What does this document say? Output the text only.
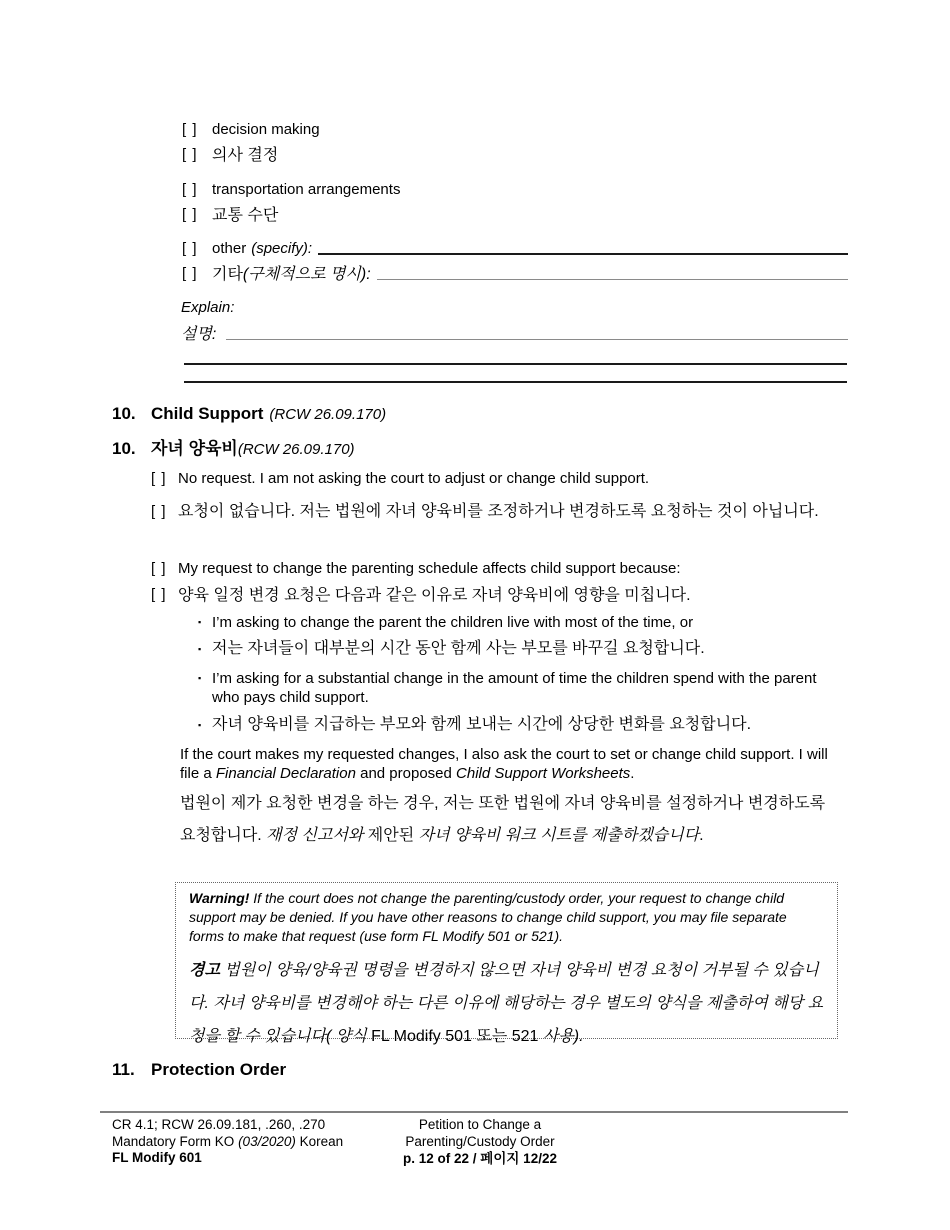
[ ] decision making
[ ] 의사 결정
[ ] transportation arrangements
[ ] 교통 수단
[ ] other (specify):
[ ] 기타 (구체적으로 명시):
Explain:
설명:
10. Child Support (RCW 26.09.170)
10. 자녀 양육비(RCW 26.09.170)
[ ] No request. I am not asking the court to adjust or change child support.
[ ] 요청이 없습니다. 저는 법원에 자녀 양육비를 조정하거나 변경하도록 요청하는 것이 아닙니다.
[ ] My request to change the parenting schedule affects child support because:
[ ] 양육 일정 변경 요청은 다음과 같은 이유로 자녀 양육비에 영향을 미칩니다.
▪ I’m asking to change the parent the children live with most of the time, or
▪ 저는 자녀들이 대부분의 시간 동안 함께 사는 부모를 바꾸길 요청합니다.
▪ I’m asking for a substantial change in the amount of time the children spend with the parent who pays child support.
▪ 자녀 양육비를 지급하는 부모와 함께 보내는 시간에 상당한 변화를 요청합니다.
If the court makes my requested changes, I also ask the court to set or change child support. I will file a Financial Declaration and proposed Child Support Worksheets.
법원이 제가 요청한 변경을 하는 경우, 저는 또한 법원에 자녀 양육비를 설정하거나 변경하도록 요청합니다. 재정 신고서와 제안된 자녀 양육비 워크 시트를 제출하겠습니다.
Warning! If the court does not change the parenting/custody order, your request to change child support may be denied. If you have other reasons to change child support, you may file separate forms to make that request (use form FL Modify 501 or 521).
경고 법원이 양육/양육권 명령을 변경하지 않으면 자녀 양육비 변경 요청이 거부될 수 있습니다. 자녀 양육비를 변경해야 하는 다른 이유에 해당하는 경우 별도의 양식을 제출하여 해당 요청을 할 수 있습니다( 양식 FL Modify 501 또는 521 사용).
11. Protection Order
CR 4.1; RCW 26.09.181, .260, .270
Mandatory Form KO (03/2020) Korean
FL Modify 601
Petition to Change a
Parenting/Custody Order
p. 12 of 22 / 페이지 12/22
